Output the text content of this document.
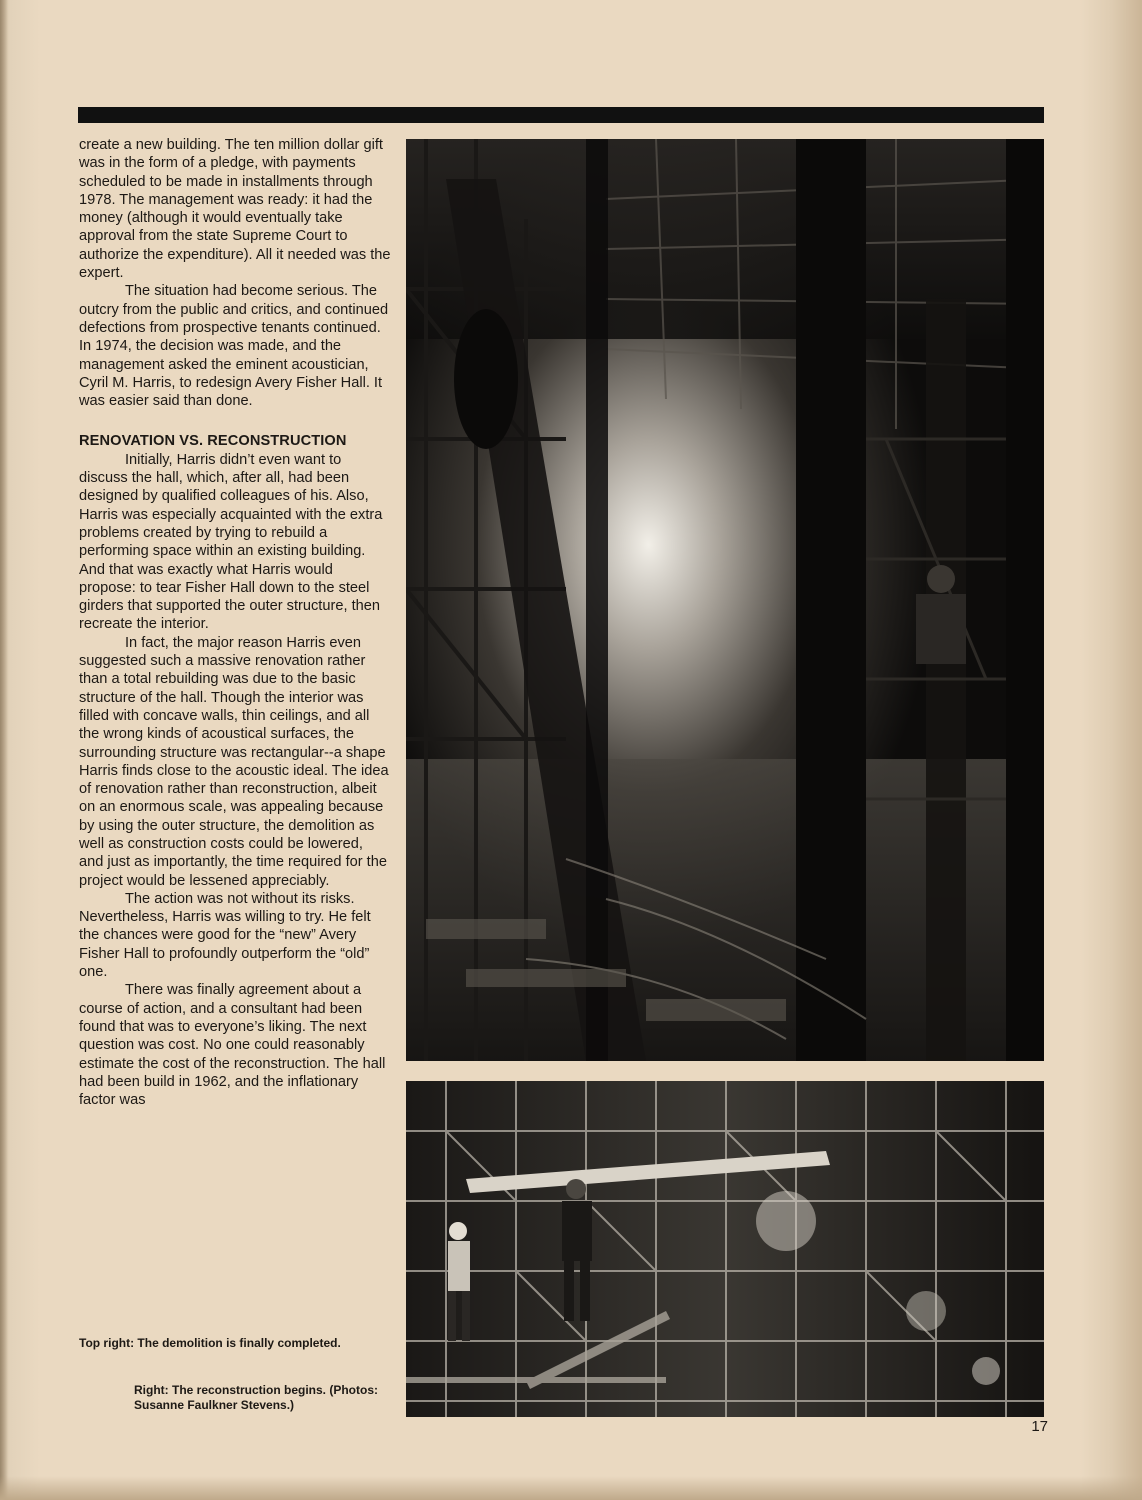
create a new building. The ten million dollar gift was in the form of a pledge, with payments scheduled to be made in installments through 1978. The management was ready: it had the money (although it would eventually take approval from the state Supreme Court to authorize the expenditure). All it needed was the expert.

The situation had become serious. The outcry from the public and critics, and continued defections from prospective tenants continued. In 1974, the decision was made, and the management asked the eminent acoustician, Cyril M. Harris, to redesign Avery Fisher Hall. It was easier said than done.

RENOVATION VS. RECONSTRUCTION

Initially, Harris didn’t even want to discuss the hall, which, after all, had been designed by qualified colleagues of his. Also, Harris was especially acquainted with the extra problems created by trying to rebuild a performing space within an existing building. And that was exactly what Harris would propose: to tear Fisher Hall down to the steel girders that supported the outer structure, then recreate the interior.

In fact, the major reason Harris even suggested such a massive renovation rather than a total rebuilding was due to the basic structure of the hall. Though the interior was filled with concave walls, thin ceilings, and all the wrong kinds of acoustical surfaces, the surrounding structure was rectangular--a shape Harris finds close to the acoustic ideal. The idea of renovation rather than reconstruction, albeit on an enormous scale, was appealing because by using the outer structure, the demolition as well as construction costs could be lowered, and just as importantly, the time required for the project would be lessened appreciably.

The action was not without its risks. Nevertheless, Harris was willing to try. He felt the chances were good for the “new” Avery Fisher Hall to profoundly outperform the “old” one.

There was finally agreement about a course of action, and a consultant had been found that was to everyone’s liking. The next question was cost. No one could reasonably estimate the cost of the reconstruction. The hall had been build in 1962, and the inflationary factor was

Top right: The demolition is finally completed.
Right: The reconstruction begins. (Photos: Susanne Faulkner Stevens.)
17
